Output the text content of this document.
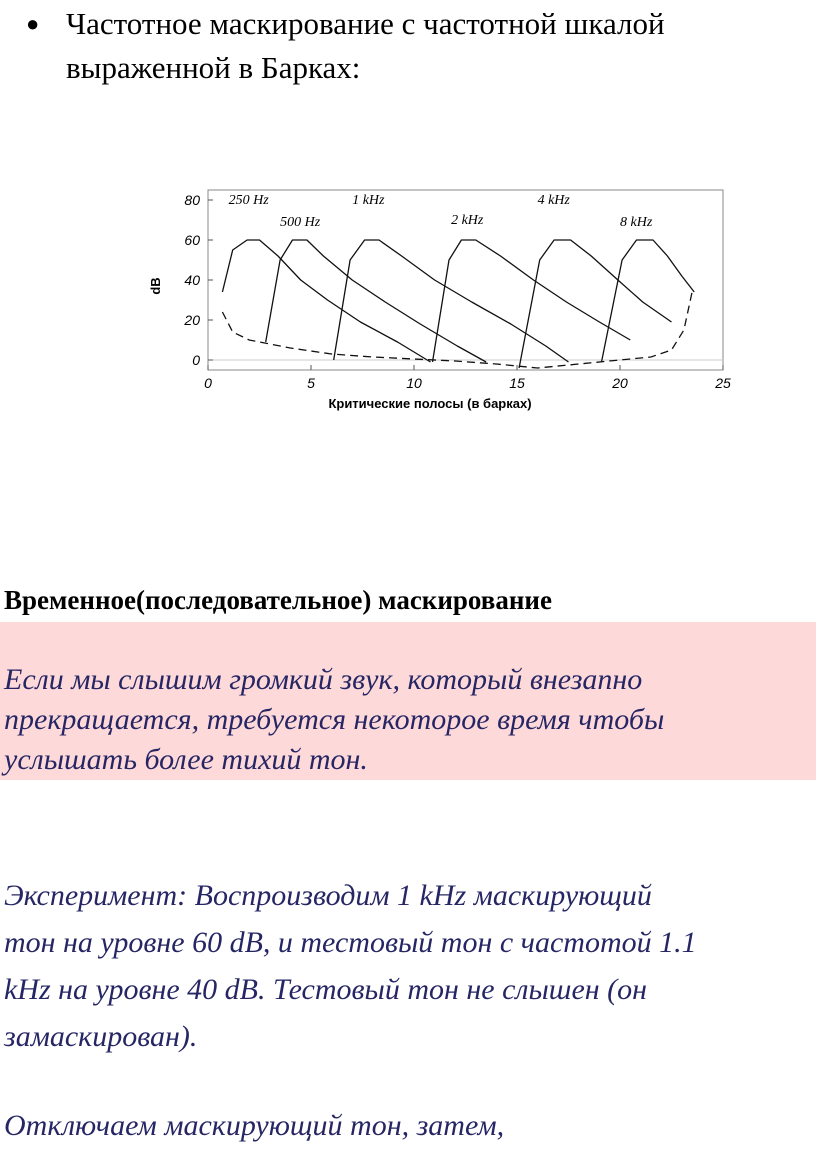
● Частотное маскирование с частотной шкалой
выраженной в Барках:
0	5	10	15	20	25
0
20
40
60
80 250 Hz
500 Hz
1 kHz
2 kHz
4 kHz
8 kHz
dB
Критические полосы (в барках)
Временное(последовательное) маскирование
Если мы слышим громкий звук, который внезапно
прекращается, требуется некоторое время чтобы
услышать более тихий тон.
Эксперимент: Воспроизводим 1 kHz маскирующий
тон на уровне 60 dB, и тестовый тон с частотой 1.1
kHz на уровне 40 dB. Тестовый тон не слышен (он
замаскирован).
Отключаем маскирующий тон, затем,
